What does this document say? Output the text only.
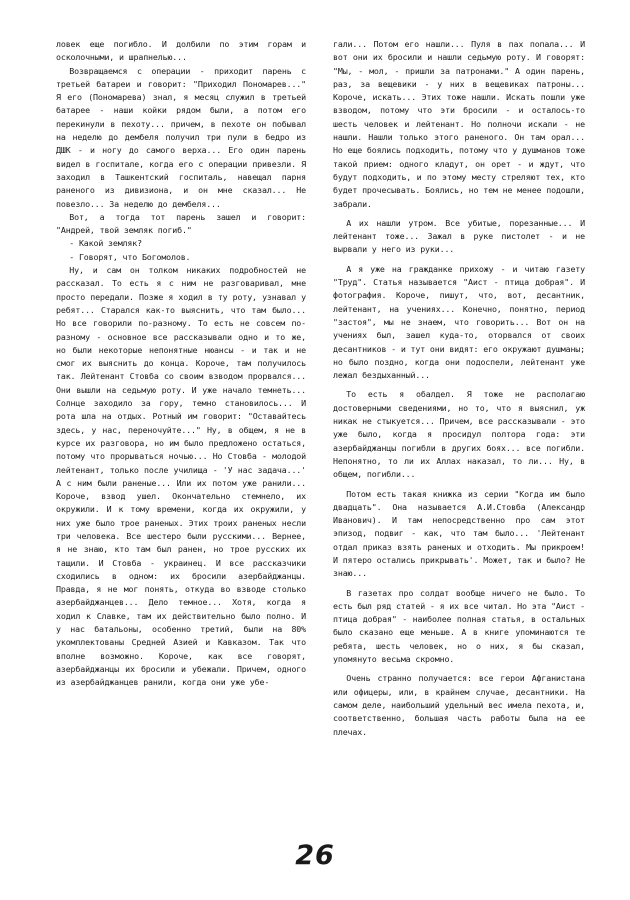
ловек еще погибло. И долбили по этим горам и осколочными, и шрапнелью...

Возвращаемся с операции - приходит парень с третьей батареи и говорит: "Приходил Пономарев..." Я его (Пономарева) знал, я месяц служил в третьей батарее - наши койки рядом были, а потом его перекинули в пехоту... причем, в пехоте он побывал на неделю до дембеля получил три пули в бедро из ДШК - и ногу до самого верха... Его один парень видел в госпитале, когда его с операции привезли. Я заходил в Ташкентский госпиталь, навещал парня раненого из дивизиона, и он мне сказал... Не повезло... За неделю до дембеля...

Вот, а тогда тот парень зашел и говорит: "Андрей, твой земляк погиб."

- Какой земляк?

- Говорят, что Богомолов.

Ну, и сам он толком никаких подробностей не рассказал. То есть я с ним не разговаривал, мне просто передали. Позже я ходил в ту роту, узнавал у ребят... Старался как-то выяснить, что там было... Но все говорили по-разному. То есть не совсем по-разному - основное все рассказывали одно и то же, но были некоторые непонятные нюансы - и так и не смог их выяснить до конца. Короче, там получилось так. Лейтенант Стовба со своим взводом прорвался... Они вышли на седьмую роту. И уже начало темнеть... Солнце заходило за гору, темно становилось... И рота шла на отдых. Ротный им говорит: "Оставайтесь здесь, у нас, переночуйте..." Ну, в общем, я не в курсе их разговора, но им было предложено остаться, потому что прорываться ночью... Но Стовба - молодой лейтенант, только после училища - 'У нас задача...' А с ним были раненые... Или их потом уже ранили... Короче, взвод ушел. Окончательно стемнело, их окружили. И к тому времени, когда их окружили, у них уже было трое раненых. Этих троих раненых несли три человека. Все шестеро были русскими... Вернее, я не знаю, кто там был ранен, но трое русских их тащили. И Стовба - украинец. И все рассказчики сходились в одном: их бросили азербайджанцы. Правда, я не мог понять, откуда во взводе столько азербайджанцев... Дело темное... Хотя, когда я ходил к Славке, там их действительно было полно. И у нас батальоны, особенно третий, были на 80% укомплектованы Средней Азией и Кавказом. Так что вполне возможно. Короче, как все говорят, азербайджанцы их бросили и убежали. Причем, одного из азербайджанцев ранили, когда они уже убе-

гали... Потом его нашли... Пуля в пах попала... И вот они их бросили и нашли седьмую роту. И говорят: "Мы, - мол, - пришли за патронами." А один парень, раз, за вещевики - у них в вещевиках патроны... Короче, искать... Этих тоже нашли. Искать пошли уже взводом, потому что эти бросили - и осталось-то шесть человек и лейтенант. Но полночи искали - не нашли. Нашли только этого раненого. Он там орал... Но еще боялись подходить, потому что у душманов тоже такой прием: одного кладут, он орет - и ждут, что будут подходить, и по этому месту стреляют тех, кто будет прочесывать. Боялись, но тем не менее подошли, забрали.

А их нашли утром. Все убитые, порезанные... И лейтенант тоже... Зажал в руке пистолет - и не вырвали у него из руки...

А я уже на гражданке прихожу - и читаю газету "Труд". Статья называется "Аист - птица добрая". И фотография. Короче, пишут, что, вот, десантник, лейтенант, на учениях... Конечно, понятно, период "застоя", мы не знаем, что говорить... Вот он на учениях был, зашел куда-то, оторвался от своих десантников - и тут они видят: его окружают душманы; но было поздно, когда они подоспели, лейтенант уже лежал бездыханный...

То есть я обалдел. Я тоже не располагаю достоверными сведениями, но то, что я выяснил, уж никак не стыкуется... Причем, все рассказывали - это уже было, когда я просидул полтора года: эти азербайджанцы погибли в других боях... все погибли. Непонятно, то ли их Аллах наказал, то ли... Ну, в общем, погибли...

Потом есть такая книжка из серии "Когда им было двадцать". Она называется А.И.Стовба (Александр Иванович). И там непосредственно про сам этот эпизод, подвиг - как, что там было... 'Лейтенант отдал приказ взять раненых и отходить. Мы прикроем! И пятеро остались прикрывать'. Может, так и было? Не знаю...

В газетах про солдат вообще ничего не было. То есть был ряд статей - я их все читал. Но эта "Аист - птица добрая" - наиболее полная статья, в остальных было сказано еще меньше. А в книге упоминаются те ребята, шесть человек, но о них, я бы сказал, упомянуто весьма скромно.

Очень странно получается: все герои Афганистана или офицеры, или, в крайнем случае, десантники. На самом деле, наибольший удельный вес имела пехота, и, соответственно, большая часть работы была на ее плечах.

26
